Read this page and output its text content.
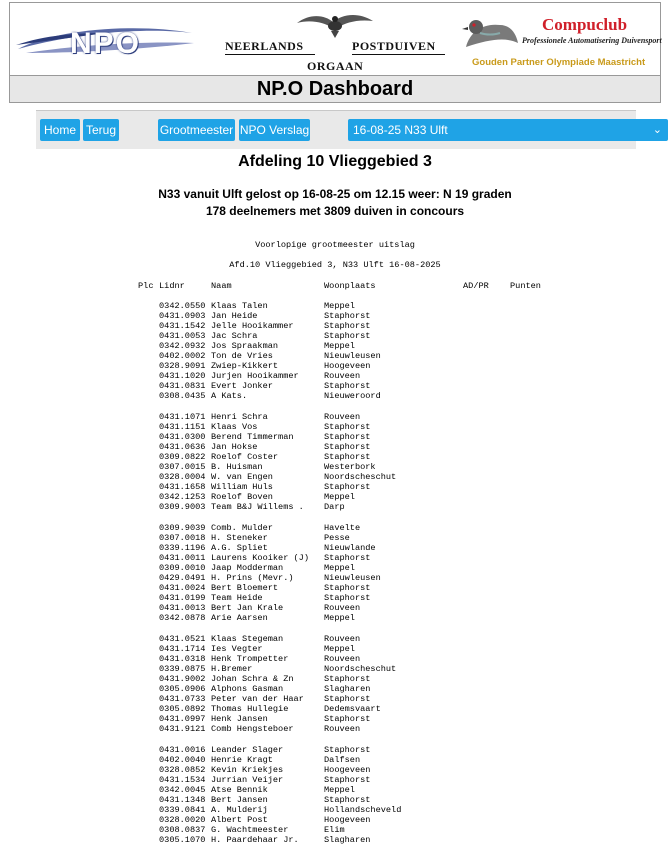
NPO	NEERLANDS	POSTDUIVEN
ORGAAN
Compuclub
Professionele Automatisering Duivensport
Gouden Partner Olympiade Maastricht
NP.O Dashboard
Home Terug	Grootmeester NPO Verslag	16-08-25 N33 Ulft	⌄
Afdeling 10 Vlieggebied 3
N33 vanuit Ulft gelost op 16-08-25 om 12.15 weer: N 19 graden
178 deelnemers met 3809 duiven in concours
Voorlopige grootmeester uitslag
Afd.10 Vlieggebied 3, N33 Ulft 16-08-2025
Plc Lidnr	Naam	Woonplaats	AD/PR Punten
0342.0550 Klaas Talen	Meppel
0431.0903 Jan Heide	Staphorst
0431.1542 Jelle Hooikammer	Staphorst
0431.0053 Jac Schra	Staphorst
0342.0932 Jos Spraakman	Meppel
0402.0002 Ton de Vries	Nieuwleusen
0328.9091 Zwiep-Kikkert	Hoogeveen
0431.1020 Jurjen Hooikammer	Rouveen
0431.0831 Evert Jonker	Staphorst
0308.0435 A Kats.	Nieuweroord
0431.1071 Henri Schra	Rouveen
0431.1151 Klaas Vos	Staphorst
0431.0300 Berend Timmerman	Staphorst
0431.0636 Jan Hokse	Staphorst
0309.0822 Roelof Coster	Staphorst
0307.0015 B. Huisman	Westerbork
0328.0004 W. van Engen	Noordscheschut
0431.1658 William Huls	Staphorst
0342.1253 Roelof Boven	Meppel
0309.9003 Team B&J Willems . Darp
0309.9039 Comb. Mulder	Havelte
0307.0018 H. Steneker	Pesse
0339.1196 A.G. Spliet	Nieuwlande
0431.0011 Laurens Kooiker (J) Staphorst
0309.0010 Jaap Modderman	Meppel
0429.0491 H. Prins (Mevr.)	Nieuwleusen
0431.0024 Bert Bloemert	Staphorst
0431.0199 Team Heide	Staphorst
0431.0013 Bert Jan Krale	Rouveen
0342.0878 Arie Aarsen	Meppel
0431.0521 Klaas Stegeman	Rouveen
0431.1714 Ies Vegter	Meppel
0431.0318 Henk Trompetter	Rouveen
0339.0875 H.Bremer	Noordscheschut
0431.9002 Johan Schra & Zn	Staphorst
0305.0906 Alphons Gasman	Slagharen
0431.0733 Peter van der Haar Staphorst
0305.0892 Thomas Hullegie	Dedemsvaart
0431.0997 Henk Jansen	Staphorst
0431.9121 Comb Hengsteboer	Rouveen
0431.0016 Leander Slager	Staphorst
0402.0040 Henrie Kragt	Dalfsen
0328.0852 Kevin Kriekjes	Hoogeveen
0431.1534 Jurrian Veijer	Staphorst
0342.0045 Atse Bennik	Meppel
0431.1348 Bert Jansen	Staphorst
0339.0841 A. Mulderij	Hollandscheveld
0328.0020 Albert Post	Hoogeveen
0308.0837 G. Wachtmeester	Elim
0305.1070 H. Paardehaar Jr.	Slagharen
